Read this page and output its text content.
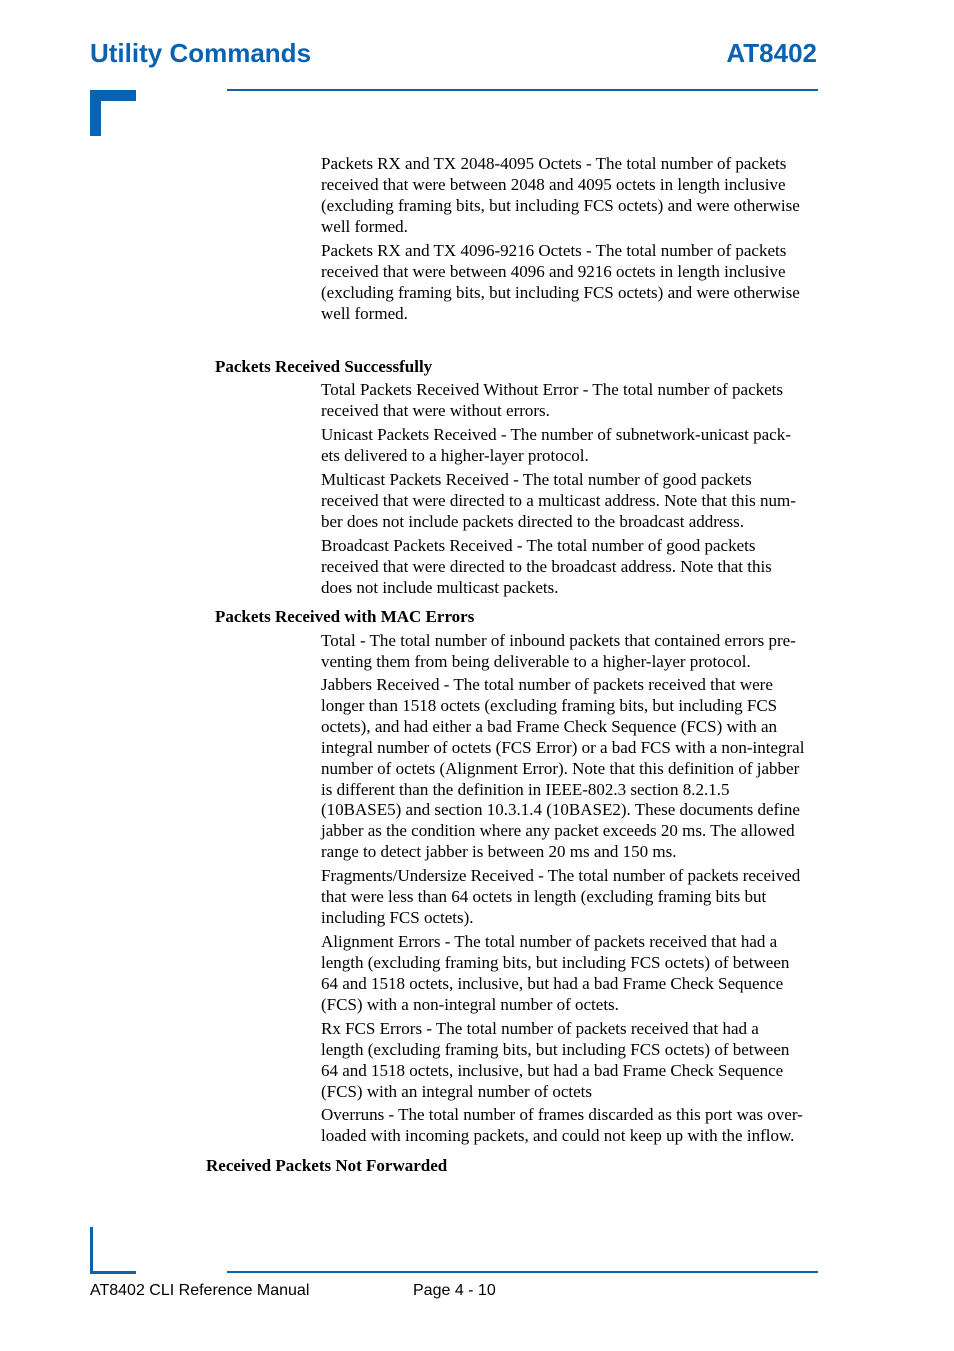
Utility Commands	AT8402
Packets RX and TX 2048-4095 Octets - The total number of packets
received that were between 2048 and 4095 octets in length inclusive
(excluding framing bits, but including FCS octets) and were otherwise
well formed.
Packets RX and TX 4096-9216 Octets - The total number of packets
received that were between 4096 and 9216 octets in length inclusive
(excluding framing bits, but including FCS octets) and were otherwise
well formed.
Packets Received Successfully
Total Packets Received Without Error - The total number of packets
received that were without errors.
Unicast Packets Received - The number of subnetwork-unicast pack-
ets delivered to a higher-layer protocol.
Multicast Packets Received - The total number of good packets
received that were directed to a multicast address. Note that this num-
ber does not include packets directed to the broadcast address.
Broadcast Packets Received - The total number of good packets
received that were directed to the broadcast address. Note that this
does not include multicast packets.
Packets Received with MAC Errors
Total - The total number of inbound packets that contained errors pre-
venting them from being deliverable to a higher-layer protocol.
Jabbers Received - The total number of packets received that were
longer than 1518 octets (excluding framing bits, but including FCS
octets), and had either a bad Frame Check Sequence (FCS) with an
integral number of octets (FCS Error) or a bad FCS with a non-integral
number of octets (Alignment Error). Note that this definition of jabber
is different than the definition in IEEE-802.3 section 8.2.1.5
(10BASE5) and section 10.3.1.4 (10BASE2). These documents define
jabber as the condition where any packet exceeds 20 ms. The allowed
range to detect jabber is between 20 ms and 150 ms.
Fragments/Undersize Received - The total number of packets received
that were less than 64 octets in length (excluding framing bits but
including FCS octets).
Alignment Errors - The total number of packets received that had a
length (excluding framing bits, but including FCS octets) of between
64 and 1518 octets, inclusive, but had a bad Frame Check Sequence
(FCS) with a non-integral number of octets.
Rx FCS Errors - The total number of packets received that had a
length (excluding framing bits, but including FCS octets) of between
64 and 1518 octets, inclusive, but had a bad Frame Check Sequence
(FCS) with an integral number of octets
Overruns - The total number of frames discarded as this port was over-
loaded with incoming packets, and could not keep up with the inflow.
Received Packets Not Forwarded
AT8402 CLI Reference Manual	Page 4 - 10
